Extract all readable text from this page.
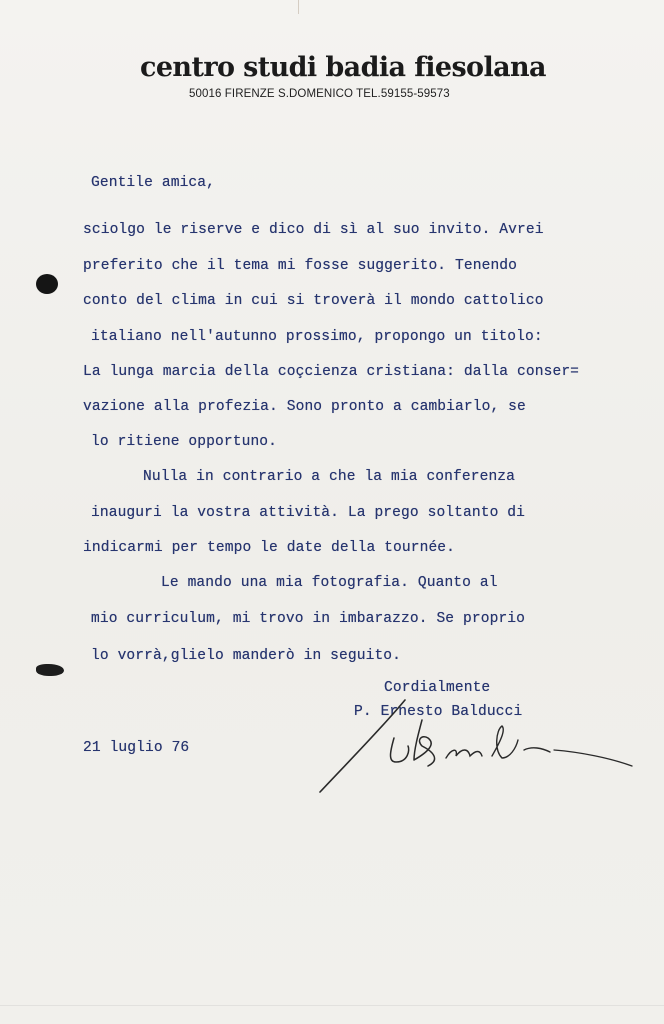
centro studi badia fiesolana
50016 FIRENZE S.DOMENICO TEL.59155-59573
Gentile amica,
sciolgo le riserve e dico di sì al suo invito. Avrei
preferito che il tema mi fosse suggerito. Tenendo
conto del clima in cui si troverà il mondo cattolico
italiano nell'autunno prossimo, propongo un titolo:
La lunga marcia della coçcienza cristiana: dalla conser=
vazione alla profezia. Sono pronto a cambiarlo, se
lo ritiene opportuno.
Nulla in contrario a che la mia conferenza
inauguri la vostra attività. La prego soltanto di
indicarmi per tempo le date della tournée.
Le mando una mia fotografia. Quanto al
mio curriculum, mi trovo in imbarazzo. Se proprio
lo vorrà,glielo manderò in seguito.
Cordialmente
P. Ernesto Balducci
21 luglio 76
